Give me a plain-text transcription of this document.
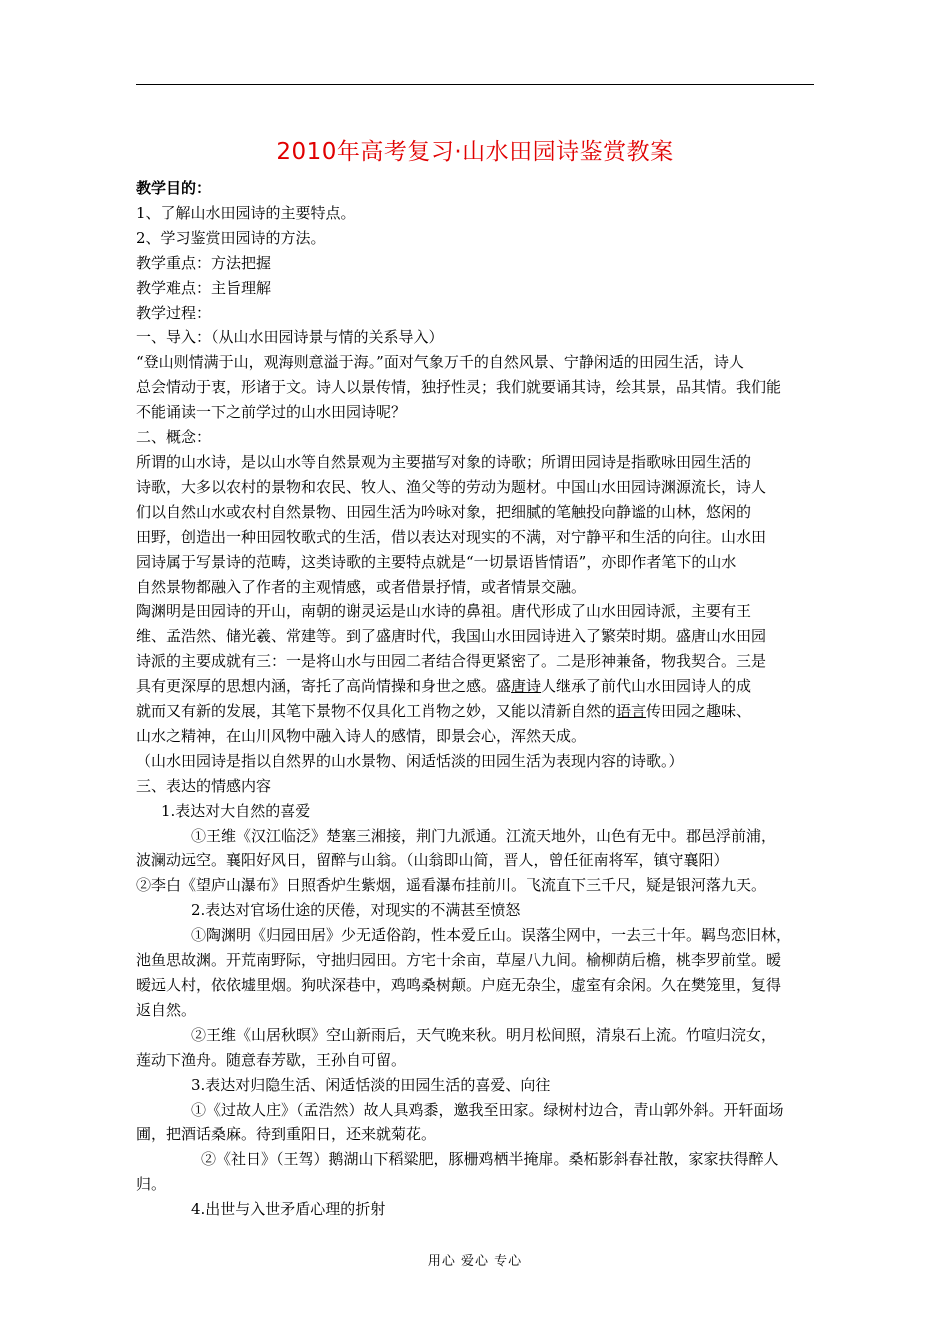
2010年高考复习·山水田园诗鉴赏教案
教学目的：
1、了解山水田园诗的主要特点。
2、学习鉴赏田园诗的方法。
教学重点：方法把握
教学难点：主旨理解
教学过程：
一、导入：（从山水田园诗景与情的关系导入）
“登山则情满于山，观海则意溢于海。”面对气象万千的自然风景、宁静闲适的田园生活，诗人
总会情动于衷，形诸于文。诗人以景传情，独抒性灵；我们就要诵其诗，绘其景，品其情。我们能
不能诵读一下之前学过的山水田园诗呢？
二、概念：
所谓的山水诗，是以山水等自然景观为主要描写对象的诗歌；所谓田园诗是指歌咏田园生活的
诗歌，大多以农村的景物和农民、牧人、渔父等的劳动为题材。中国山水田园诗渊源流长，诗人
们以自然山水或农村自然景物、田园生活为吟咏对象，把细腻的笔触投向静谧的山林，悠闲的
田野，创造出一种田园牧歌式的生活，借以表达对现实的不满，对宁静平和生活的向往。山水田
园诗属于写景诗的范畴，这类诗歌的主要特点就是“一切景语皆情语”，亦即作者笔下的山水
自然景物都融入了作者的主观情感，或者借景抒情，或者情景交融。
陶渊明是田园诗的开山，南朝的谢灵运是山水诗的鼻祖。唐代形成了山水田园诗派，主要有王
维、孟浩然、储光羲、常建等。到了盛唐时代，我国山水田园诗进入了繁荣时期。盛唐山水田园
诗派的主要成就有三：一是将山水与田园二者结合得更紧密了。二是形神兼备，物我契合。三是
具有更深厚的思想内涵，寄托了高尚情操和身世之感。盛唐诗人继承了前代山水田园诗人的成
就而又有新的发展，其笔下景物不仅具化工肖物之妙，又能以清新自然的语言传田园之趣味、
山水之精神，在山川风物中融入诗人的感情，即景会心，浑然天成。
（山水田园诗是指以自然界的山水景物、闲适恬淡的田园生活为表现内容的诗歌。）
三、表达的情感内容
1.表达对大自然的喜爱
①王维《汉江临泛》楚塞三湘接，荆门九派通。江流天地外，山色有无中。郡邑浮前浦，
波澜动远空。襄阳好风日，留醉与山翁。（山翁即山简，晋人，曾任征南将军，镇守襄阳）
②李白《望庐山瀑布》日照香炉生紫烟，遥看瀑布挂前川。飞流直下三千尺，疑是银河落九天。
2.表达对官场仕途的厌倦，对现实的不满甚至愤怒
①陶渊明《归园田居》少无适俗韵，性本爱丘山。误落尘网中，一去三十年。羁鸟恋旧林，
池鱼思故渊。开荒南野际，守拙归园田。方宅十余亩，草屋八九间。榆柳荫后檐，桃李罗前堂。暧
暧远人村，依依墟里烟。狗吠深巷中，鸡鸣桑树颠。户庭无杂尘，虚室有余闲。久在樊笼里，复得
返自然。
②王维《山居秋暝》空山新雨后，天气晚来秋。明月松间照，清泉石上流。竹喧归浣女，
莲动下渔舟。随意春芳歇，王孙自可留。
3.表达对归隐生活、闲适恬淡的田园生活的喜爱、向往
①《过故人庄》（孟浩然）故人具鸡黍，邀我至田家。绿树村边合，青山郭外斜。开轩面场
圃，把酒话桑麻。待到重阳日，还来就菊花。
②《社日》（王驾）鹅湖山下稻粱肥，豚栅鸡栖半掩扉。桑柘影斜春社散，家家扶得醉人
归。
4.出世与入世矛盾心理的折射
用心 爱心 专心
